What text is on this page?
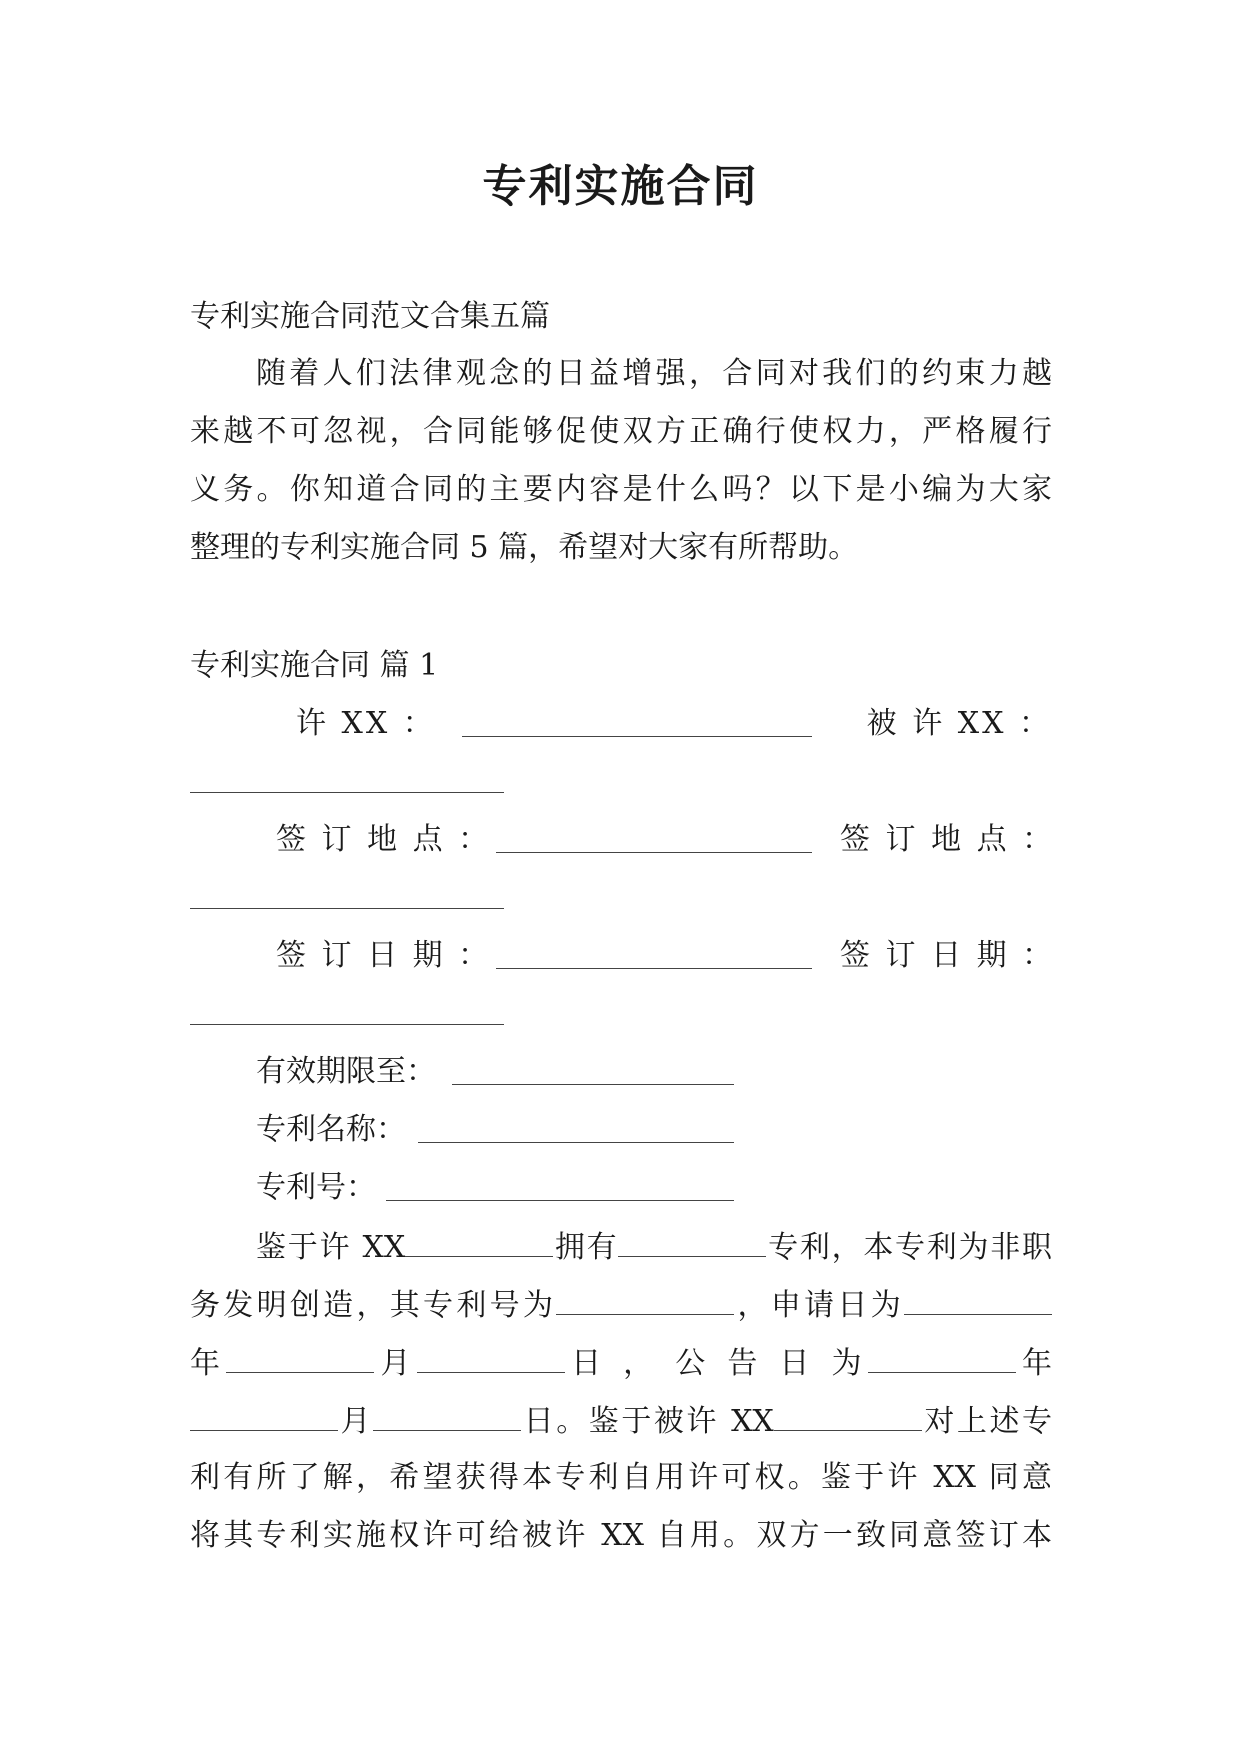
专利实施合同
专利实施合同范文合集五篇
随着人们法律观念的日益增强，合同对我们的约束力越
来越不可忽视，合同能够促使双方正确行使权力，严格履行
义务。你知道合同的主要内容是什么吗？以下是小编为大家
整理的专利实施合同 5 篇，希望对大家有所帮助。
专利实施合同 篇 1
许 XX ：	被 许 XX ：
签 订 地 点 ：	签 订 地 点 ：
签 订 日 期 ：	签 订 日 期 ：
有效期限至：
专利名称：
专利号：
鉴于许 XX	拥有	专利，本专利为非职
务发明创造，其专利号为	，申请日为
年	月	日 ， 公 告 日 为	年
月	日。鉴于被许 XX	对上述专
利有所了解，希望获得本专利自用许可权。鉴于许 XX 同意
将其专利实施权许可给被许 XX 自用。双方一致同意签订本
